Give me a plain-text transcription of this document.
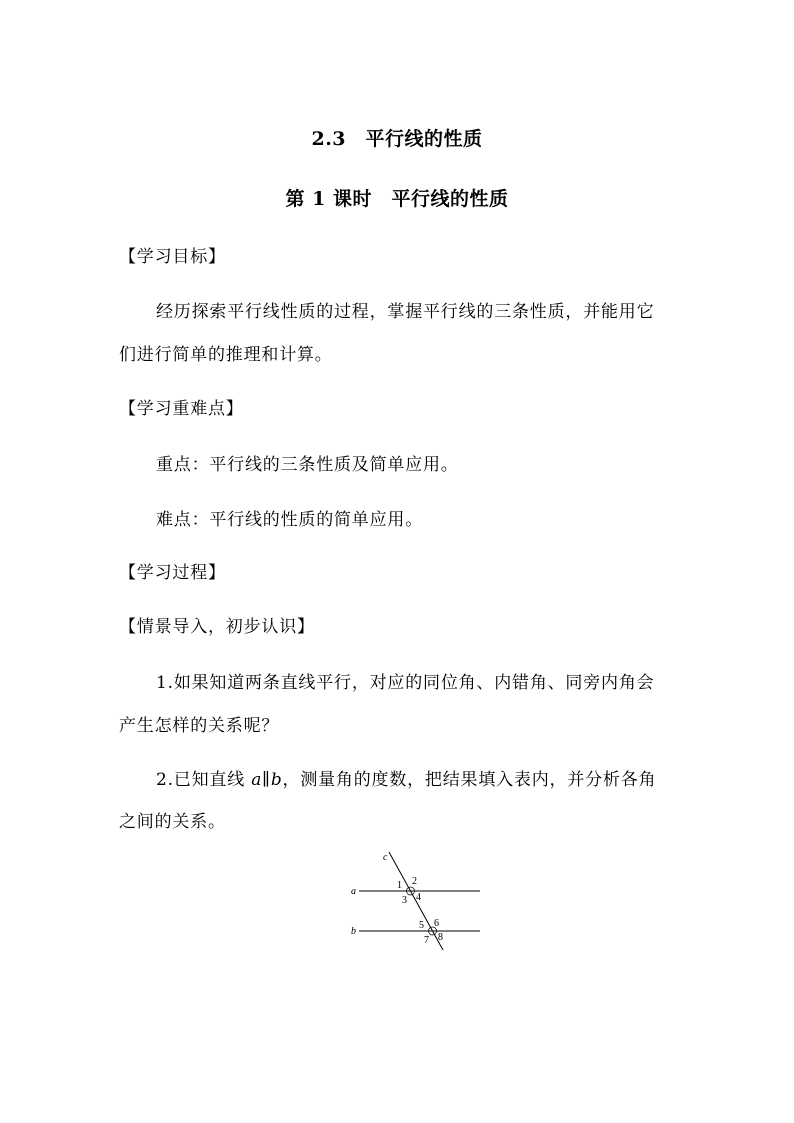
2.3　平行线的性质
第 1 课时　平行线的性质
【学习目标】
经历探索平行线性质的过程，掌握平行线的三条性质，并能用它
们进行简单的推理和计算。
【学习重难点】
重点：平行线的三条性质及简单应用。
难点：平行线的性质的简单应用。
【学习过程】
【情景导入，初步认识】
1.如果知道两条直线平行，对应的同位角、内错角、同旁内角会
产生怎样的关系呢？
2.已知直线 a∥b，测量角的度数，把结果填入表内，并分析各角
之间的关系。
c
a
b
1 2
3 4
5 6
7 8
